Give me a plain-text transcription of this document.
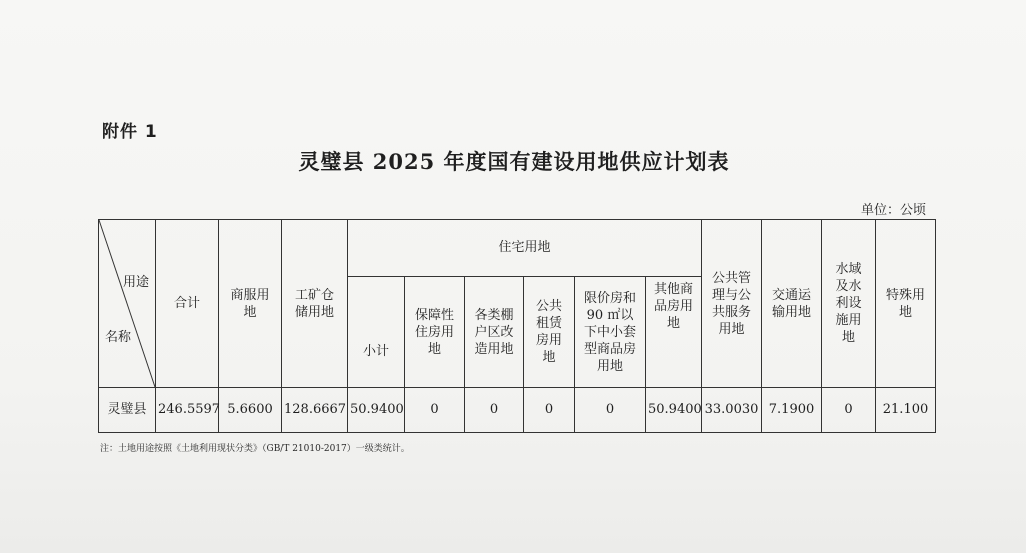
附件 1
灵璧县 2025 年度国有建设用地供应计划表
单位：公顷
用途
名称	合计	商服用地	工矿仓储用地	住宅用地						公共管理与公共服务用地	交通运输用地	水域及水利设施用地	特殊用地
				小计	保障性住房用地	各类棚户区改造用地	公共租赁房用地	限价房和 90 ㎡以下中小套型商品房用地	其他商品房用地				
灵璧县	246.5597	5.6600	128.6667	50.9400	0	0	0	0	50.9400	33.0030	7.1900	0	21.100
注：土地用途按照《土地利用现状分类》（GB/T 21010-2017）一级类统计。
